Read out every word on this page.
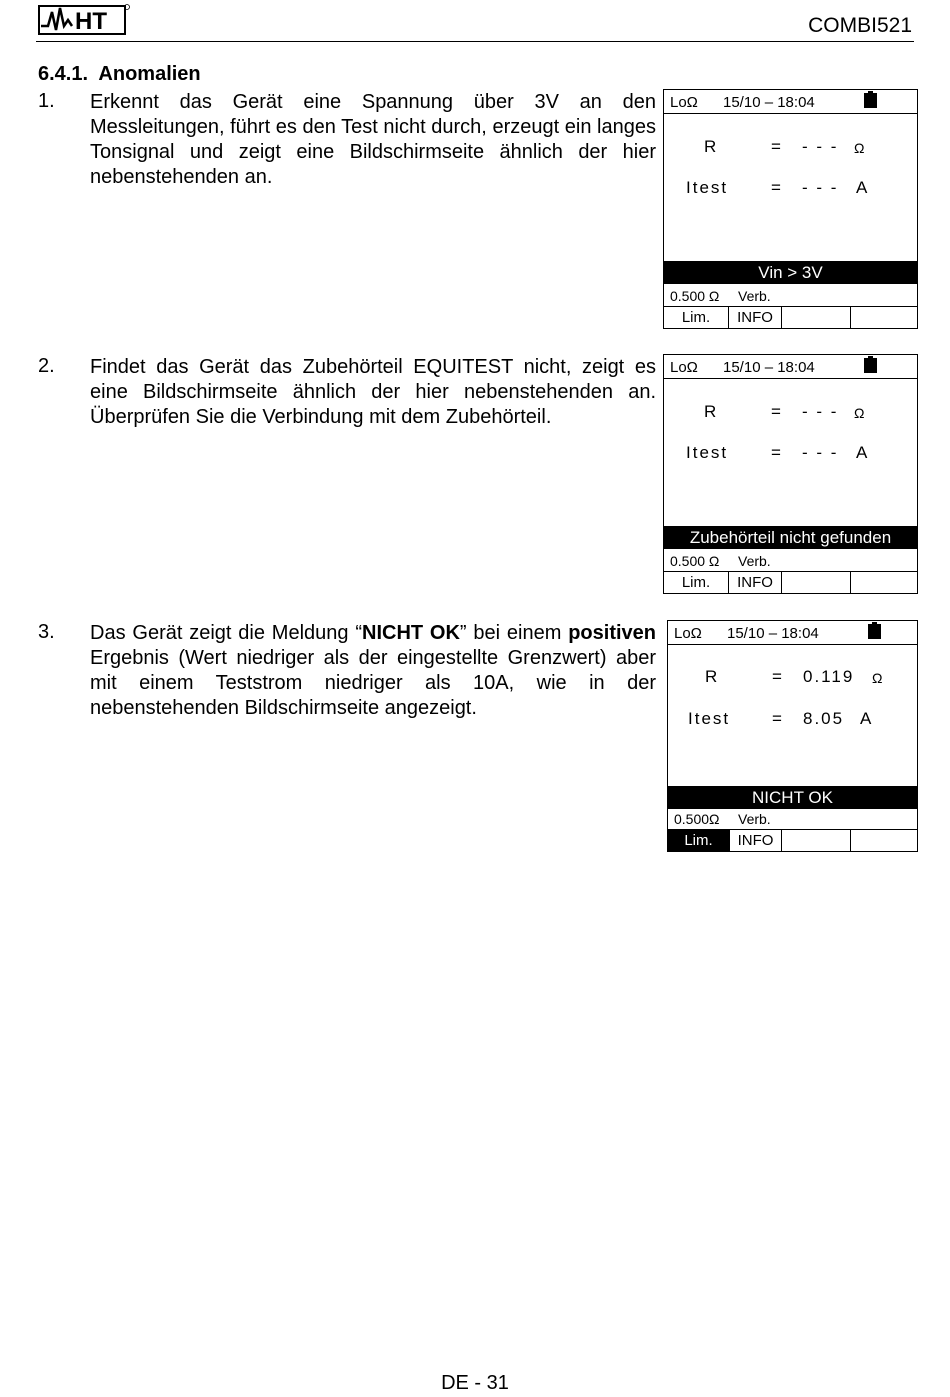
HT	COMBI521
6.4.1.  Anomalien
1. Erkennt das Gerät eine Spannung über 3V an den Messleitungen, führt es den Test nicht durch, erzeugt ein langes Tonsignal und zeigt eine Bildschirmseite ähnlich der hier nebenstehenden an.
2. Findet das Gerät das Zubehörteil EQUITEST nicht, zeigt es eine Bildschirmseite ähnlich der hier nebenstehenden an. Überprüfen Sie die Verbindung mit dem Zubehörteil.
3. Das Gerät zeigt die Meldung “NICHT OK” bei einem positiven Ergebnis (Wert niedriger als der eingestellte Grenzwert) aber mit einem Teststrom niedriger als 10A, wie in der nebenstehenden Bildschirmseite angezeigt.
LoΩ 15/10 – 18:04
R	= - - - Ω
Itest	= - - - A
Vin > 3V
0.500 Ω Verb.
Lim.	INFO
LoΩ 15/10 – 18:04
R	= - - - Ω
Itest	= - - - A
Zubehörteil nicht gefunden
0.500 Ω Verb.
Lim.	INFO
LoΩ 15/10 – 18:04
R	= 0.119 Ω
Itest = 8.05 A
NICHT OK
0.500Ω Verb.
Lim.	INFO
DE - 31
